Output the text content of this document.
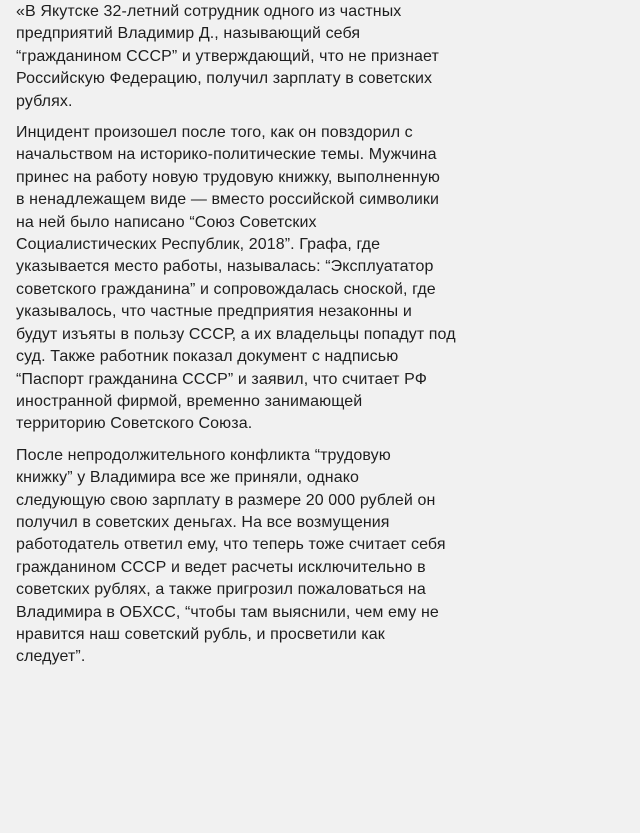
«В Якутске 32-летний сотрудник одного из частных
предприятий Владимир Д., называющий себя
“гражданином СССР” и утверждающий, что не признает
Российскую Федерацию, получил зарплату в советских
рублях.

Инцидент произошел после того, как он повздорил с
начальством на историко-политические темы. Мужчина
принес на работу новую трудовую книжку, выполненную
в ненадлежащем виде — вместо российской символики
на ней было написано “Союз Советских
Социалистических Республик, 2018”. Графа, где
указывается место работы, называлась: “Эксплуататор
советского гражданина” и сопровождалась сноской, где
указывалось, что частные предприятия незаконны и
будут изъяты в пользу СССР, а их владельцы попадут под
суд. Также работник показал документ с надписью
“Паспорт гражданина СССР” и заявил, что считает РФ
иностранной фирмой, временно занимающей
территорию Советского Союза.

После непродолжительного конфликта “трудовую
книжку” у Владимира все же приняли, однако
следующую свою зарплату в размере 20 000 рублей он
получил в советских деньгах. На все возмущения
работодатель ответил ему, что теперь тоже считает себя
гражданином СССР и ведет расчеты исключительно в
советских рублях, а также пригрозил пожаловаться на
Владимира в ОБХСС, “чтобы там выяснили, чем ему не
нравится наш советский рубль, и просветили как
следует”.
